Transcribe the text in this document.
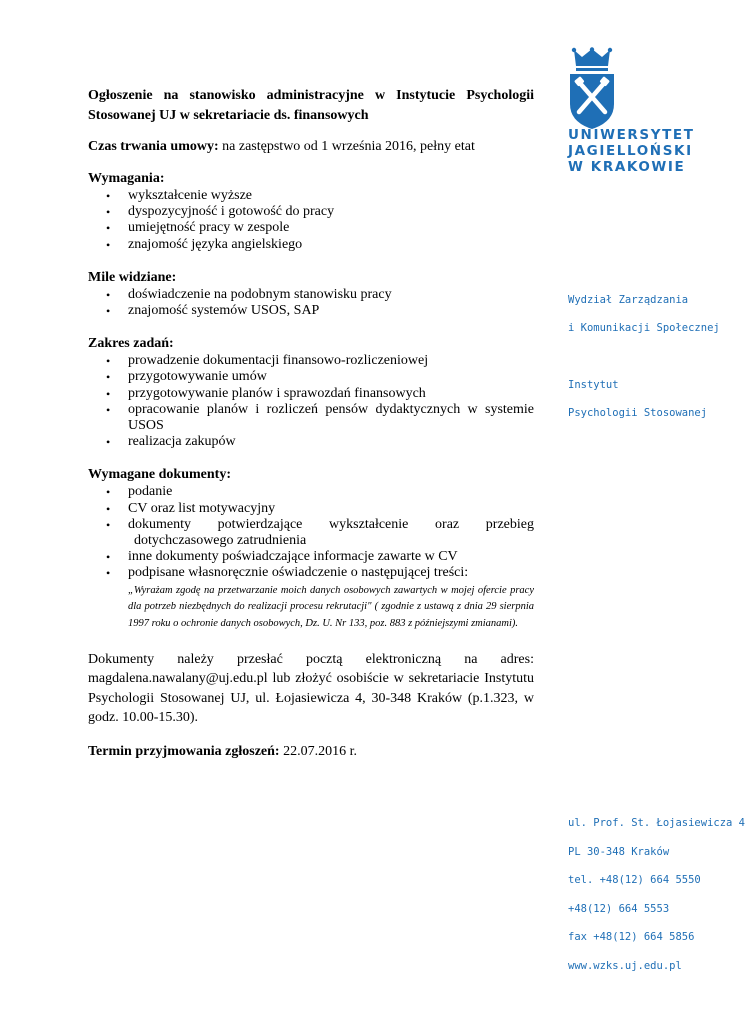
Ogłoszenie na stanowisko administracyjne w Instytucie Psychologii Stosowanej UJ w sekretariacie ds. finansowych
Czas trwania umowy: na zastępstwo od 1 września 2016, pełny etat
Wymagania:
• wykształcenie wyższe
• dyspozycyjność i gotowość do pracy
• umiejętność pracy w zespole
• znajomość języka angielskiego
Mile widziane:
• doświadczenie na podobnym stanowisku pracy
• znajomość systemów USOS, SAP
Zakres zadań:
• prowadzenie dokumentacji finansowo-rozliczeniowej
• przygotowywanie umów
• przygotowywanie planów i sprawozdań finansowych
• opracowanie planów i rozliczeń pensów dydaktycznych w systemie USOS
• realizacja zakupów
Wymagane dokumenty:
• podanie
• CV oraz list motywacyjny
• dokumenty potwierdzające wykształcenie oraz przebieg
dotychczasowego zatrudnienia
• inne dokumenty poświadczające informacje zawarte w CV
• podpisane własnoręcznie oświadczenie o następującej treści:
„Wyrażam zgodę na przetwarzanie moich danych osobowych zawartych w mojej ofercie pracy dla potrzeb niezbędnych do realizacji procesu rekrutacji" ( zgodnie z ustawą z dnia 29 sierpnia 1997 roku o ochronie danych osobowych, Dz. U. Nr 133, poz. 883 z późniejszymi zmianami).
Dokumenty należy przesłać pocztą elektroniczną na adres: magdalena.nawalany@uj.edu.pl lub złożyć osobiście w sekretariacie Instytutu Psychologii Stosowanej UJ, ul. Łojasiewicza 4, 30-348 Kraków (p.1.323, w godz. 10.00-15.30).
Termin przyjmowania zgłoszeń: 22.07.2016 r.
UNIWERSYTET
JAGIELLOŃSKI
W KRAKOWIE
Wydział Zarządzania
i Komunikacji Społecznej
Instytut
Psychologii Stosowanej
ul. Prof. St. Łojasiewicza 4
PL 30-348 Kraków
tel. +48(12) 664 5550
+48(12) 664 5553
fax +48(12) 664 5856
www.wzks.uj.edu.pl
